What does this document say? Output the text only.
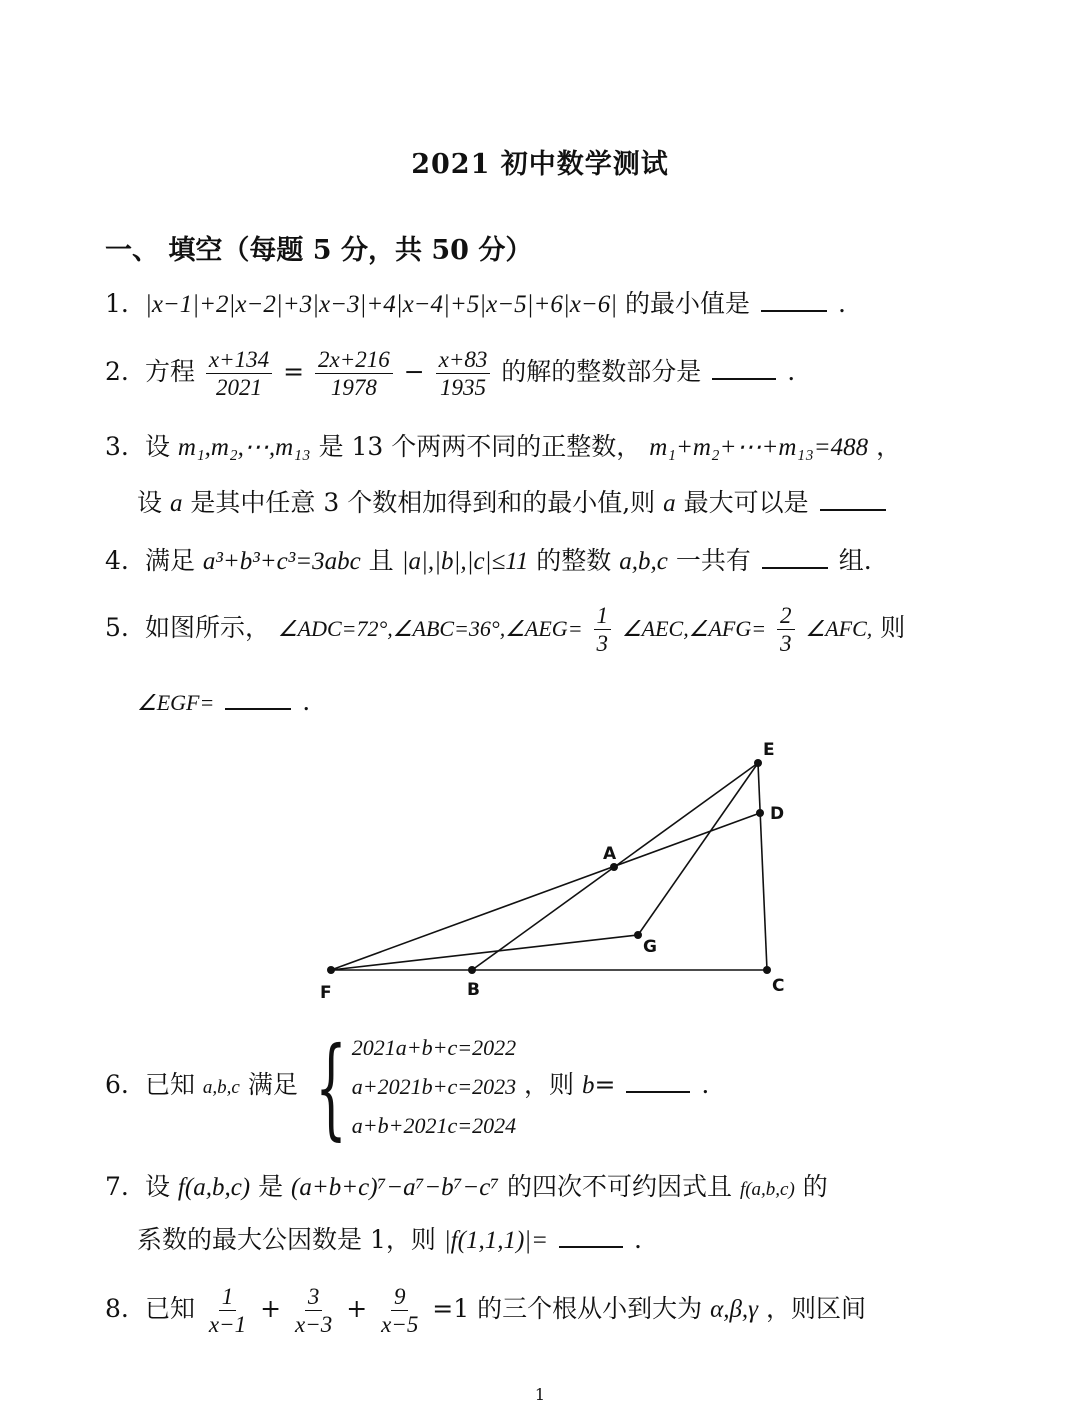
2021 初中数学测试
一、 填空（每题 5 分，共 50 分）
1. |x−1|+2|x−2|+3|x−3|+4|x−4|+5|x−5|+6|x−6| 的最小值是	.
2. 方程 $\frac{x+134}{2021} = \frac{2x+216}{1978} - \frac{x+83}{1935}$ 的解的整数部分是	.
3. 设 m₁,m₂,⋯,m₁₃ 是 13 个两两不同的正整数， m₁+m₂+⋯+m₁₃=488 ，
设 a 是其中任意 3 个数相加得到和的最小值,则 a 最大可以是
4. 满足 a³+b³+c³=3abc 且 |a|,|b|,|c|≤11 的整数 a,b,c 一共有	组.
5. 如图所示， ∠ADC=72°,∠ABC=36°,∠AEG= $\frac{1}{3}$ ∠AEC,∠AFG= $\frac{2}{3}$ ∠AFC, 则
∠EGF=	.
E
D
A
G
F	B	C
6. 已知 a,b,c 满足 { 2021a+b+c=2022
a+2021b+c=2023
a+b+2021c=2024
，则 b=	.
7. 设 f(a,b,c) 是 (a+b+c)⁷−a⁷−b⁷−c⁷ 的四次不可约因式且 f(a,b,c) 的
系数的最大公因数是 1，则 |f(1,1,1)|=	.
8. 已知 $\frac{1}{x-1} + \frac{3}{x-3} + \frac{9}{x-5} =1$ 的三个根从小到大为 α,β,γ ，则区间
1
